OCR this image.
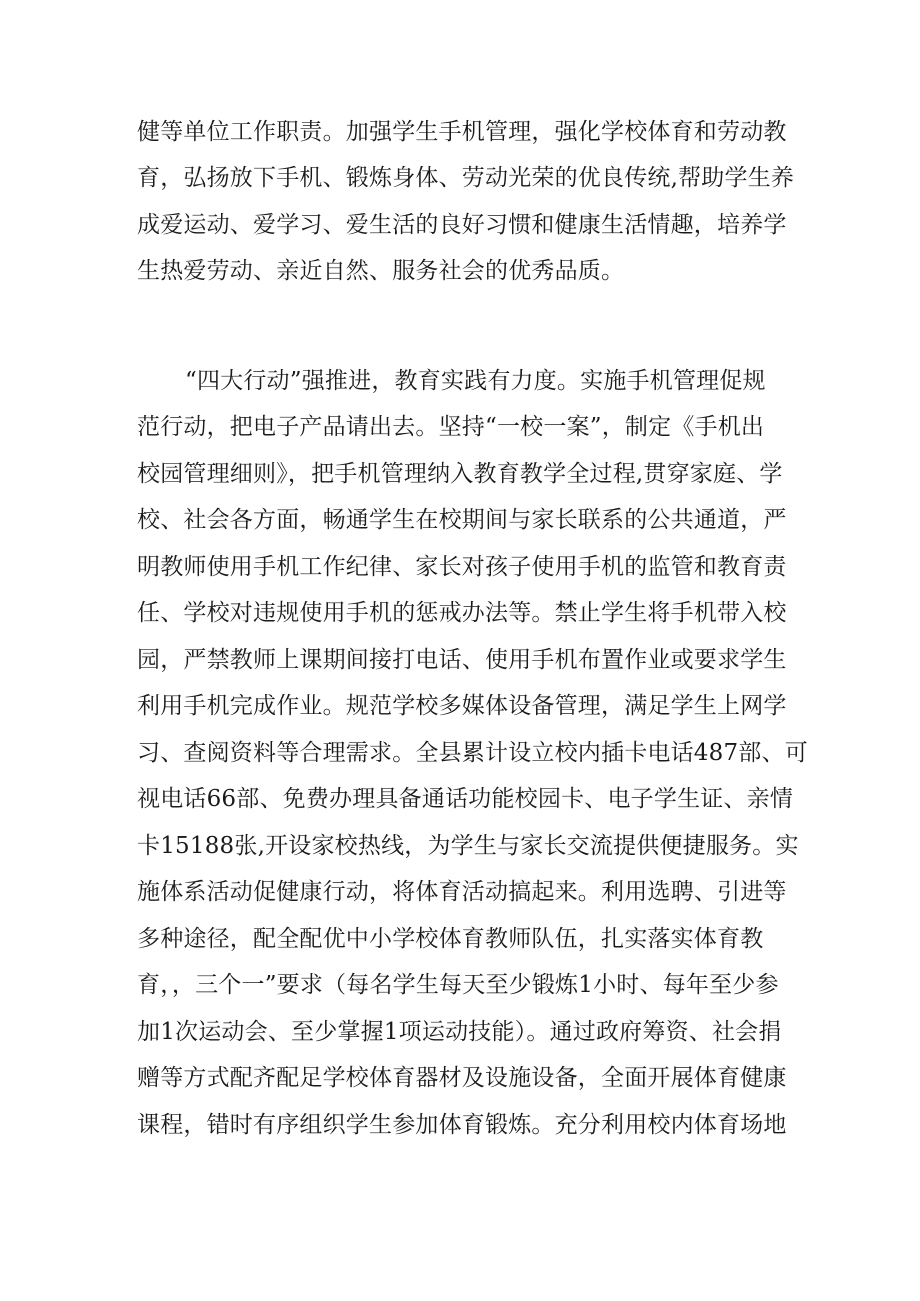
健等单位工作职责。加强学生手机管理，强化学校体育和劳动教
育，弘扬放下手机、锻炼身体、劳动光荣的优良传统,帮助学生养
成爱运动、爱学习、爱生活的良好习惯和健康生活情趣，培养学
生热爱劳动、亲近自然、服务社会的优秀品质。
“四大行动”强推进，教育实践有力度。实施手机管理促规
范行动，把电子产品请出去。坚持“一校一案”，制定《手机出
校园管理细则》，把手机管理纳入教育教学全过程,贯穿家庭、学
校、社会各方面，畅通学生在校期间与家长联系的公共通道，严
明教师使用手机工作纪律、家长对孩子使用手机的监管和教育责
任、学校对违规使用手机的惩戒办法等。禁止学生将手机带入校
园，严禁教师上课期间接打电话、使用手机布置作业或要求学生
利用手机完成作业。规范学校多媒体设备管理，满足学生上网学
习、查阅资料等合理需求。全县累计设立校内插卡电话487部、可
视电话66部、免费办理具备通话功能校园卡、电子学生证、亲情
卡15188张,开设家校热线，为学生与家长交流提供便捷服务。实
施体系活动促健康行动，将体育活动搞起来。利用选聘、引进等
多种途径，配全配优中小学校体育教师队伍，扎实落实体育教
育，，三个一”要求（每名学生每天至少锻炼1小时、每年至少参
加1次运动会、至少掌握1项运动技能）。通过政府筹资、社会捐
赠等方式配齐配足学校体育器材及设施设备，全面开展体育健康
课程，错时有序组织学生参加体育锻炼。充分利用校内体育场地
